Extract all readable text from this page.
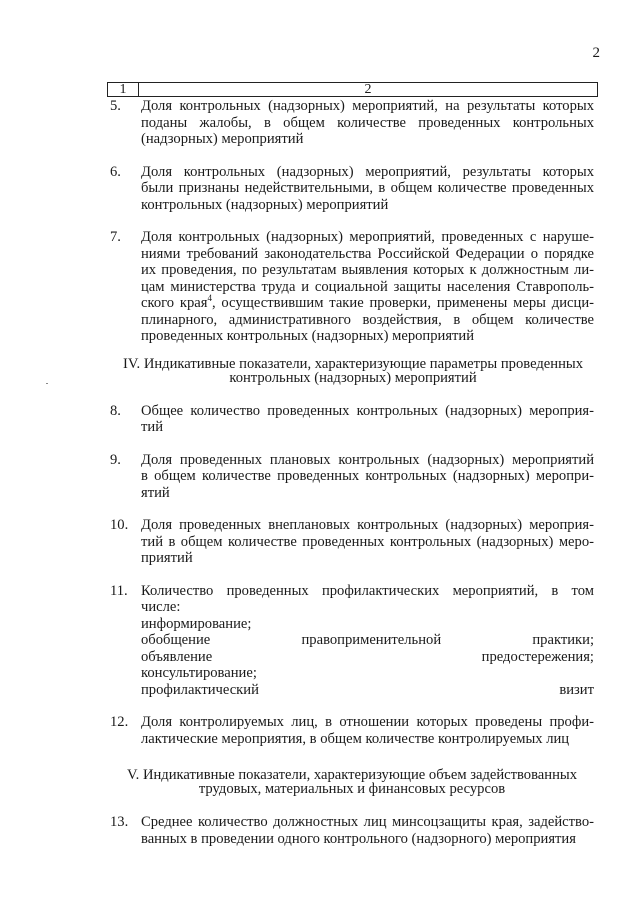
2
1	2
5.	Доля контрольных (надзорных) мероприятий, на результаты которых
поданы жалобы, в общем количестве проведенных контрольных
(надзорных) мероприятий
6.	Доля контрольных (надзорных) мероприятий, результаты которых
были признаны недействительными, в общем количестве проведенных
контрольных (надзорных) мероприятий
7.	Доля контрольных (надзорных) мероприятий, проведенных с наруше-
ниями требований законодательства Российской Федерации о порядке
их проведения, по результатам выявления которых к должностным ли-
цам министерства труда и социальной защиты населения Ставрополь-
ского края$^4$, осуществившим такие проверки, применены меры дисци-
плинарного, административного воздействия, в общем количестве
проведенных контрольных (надзорных) мероприятий
IV. Индикативные показатели, характеризующие параметры проведенных
контрольных (надзорных) мероприятий
8.	Общее количество проведенных контрольных (надзорных) мероприя-
тий
9.	Доля проведенных плановых контрольных (надзорных) мероприятий
в общем количестве проведенных контрольных (надзорных) меропри-
ятий
10. Доля проведенных внеплановых контрольных (надзорных) мероприя-
тий в общем количестве проведенных контрольных (надзорных) меро-
приятий
11. Количество проведенных профилактических мероприятий, в том
числе:
информирование;
обобщение правоприменительной практики;
объявление предостережения;
консультирование;
профилактический визит
12. Доля контролируемых лиц, в отношении которых проведены профи-
лактические мероприятия, в общем количестве контролируемых лиц
V. Индикативные показатели, характеризующие объем задействованных
трудовых, материальных и финансовых ресурсов
13. Среднее количество должностных лиц минсоцзащиты края, задейство-
ванных в проведении одного контрольного (надзорного) мероприятия
